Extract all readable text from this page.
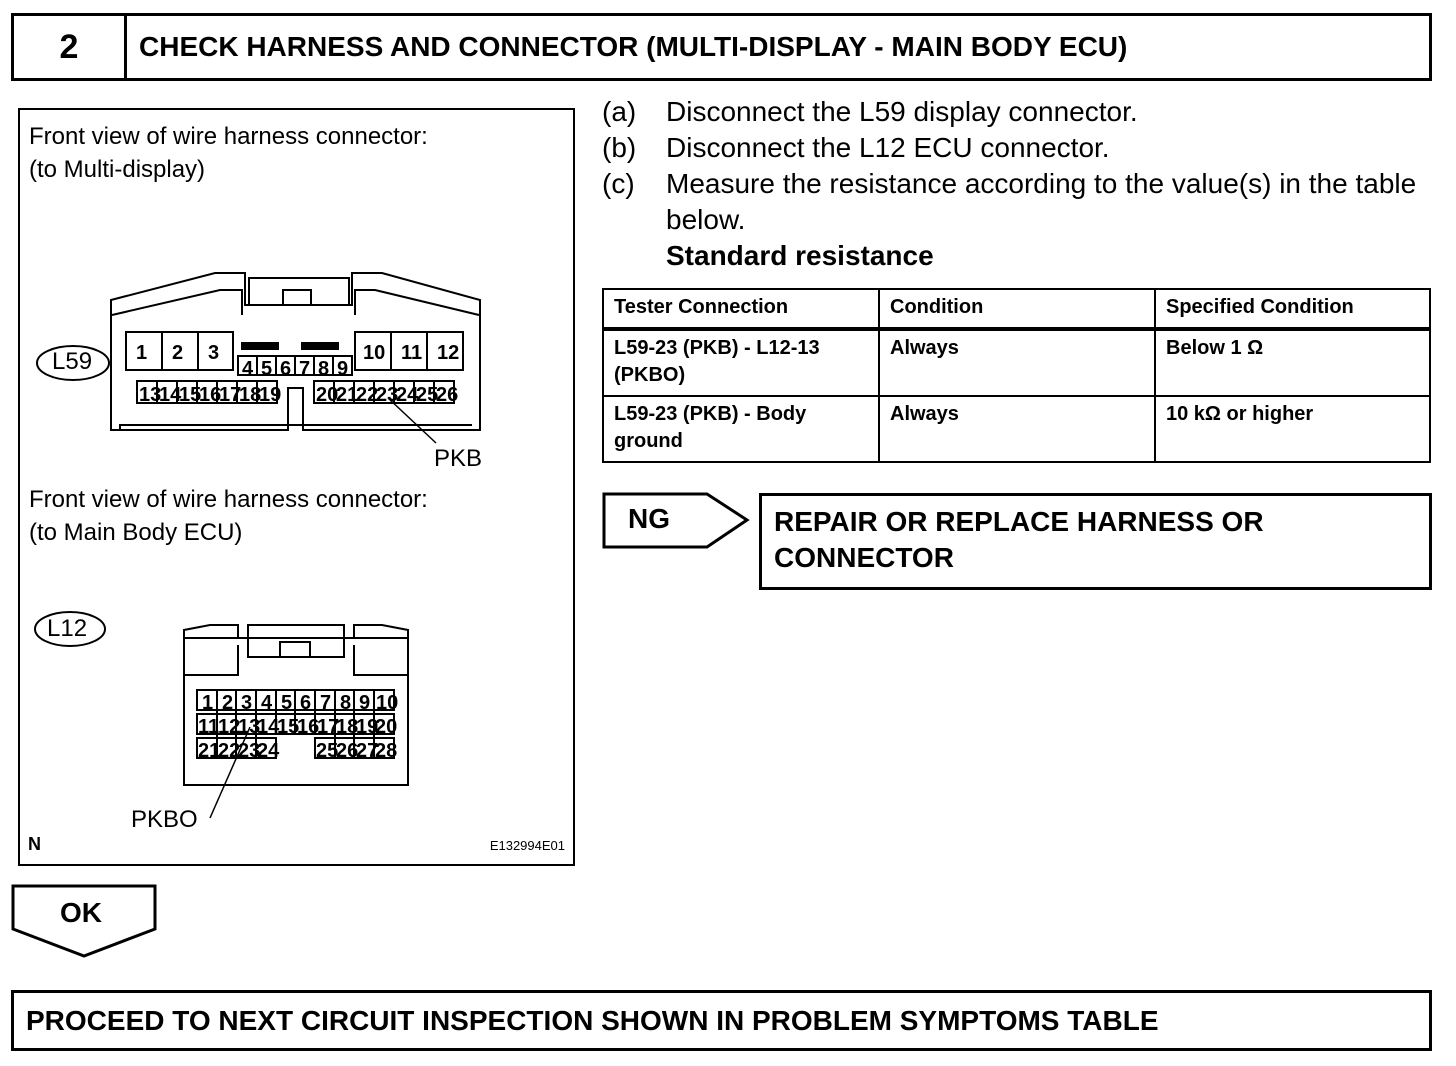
2	CHECK HARNESS AND CONNECTOR (MULTI-DISPLAY - MAIN BODY ECU)
Front view of wire harness connector:
(to Multi-display)
1 2 3
4 5 6 7 8 9
10 11 12
13
14
15
16
17
18
19 20
21
22
23
24
25
26
L59
PKB
Front view of wire harness connector:
(to Main Body ECU)
L12
1 2 3 4 5 6 7 8 9 10
11
12
13
14
15
16
17
18
19
20
21
22
23
24 25
26
27
28
PKBO
N	E132994E01
(a)	Disconnect the L59 display connector.
(b)	Disconnect the L12 ECU connector.
(c)	Measure the resistance according to the value(s) in the table below.
Standard resistance
Tester Connection	Condition	Specified Condition
L59-23 (PKB) - L12-13 (PKBO)	Always	Below 1 Ω
L59-23 (PKB) - Body ground	Always	10 kΩ or higher
NG	REPAIR OR REPLACE HARNESS OR CONNECTOR
OK
PROCEED TO NEXT CIRCUIT INSPECTION SHOWN IN PROBLEM SYMPTOMS TABLE
